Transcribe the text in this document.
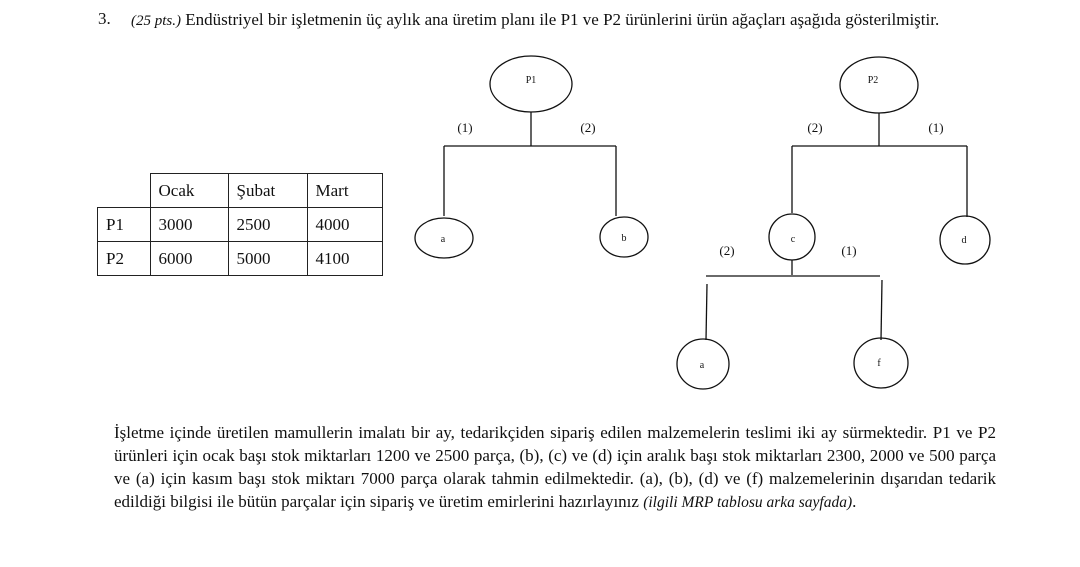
3. (25 pts.) Endüstriyel bir işletmenin üç aylık ana üretim planı ile P1 ve P2 ürünlerini ürün ağaçları aşağıda gösterilmiştir.
	Ocak	Şubat	Mart
P1	3000	2500	4000
P2	6000	5000	4100
P1
(1)	(2)
a	b
P2
(2)	(1)
c	d
(2)	(1)
a	f
İşletme içinde üretilen mamullerin imalatı bir ay, tedarikçiden sipariş edilen malzemelerin teslimi iki ay sürmektedir. P1 ve P2 ürünleri için ocak başı stok miktarları 1200 ve 2500 parça, (b), (c) ve (d) için aralık başı stok miktarları 2300, 2000 ve 500 parça ve (a) için kasım başı stok miktarı 7000 parça olarak tahmin edilmektedir. (a), (b), (d) ve (f) malzemelerinin dışarıdan tedarik edildiği bilgisi ile bütün parçalar için sipariş ve üretim emirlerini hazırlayınız (ilgili MRP tablosu arka sayfada).
